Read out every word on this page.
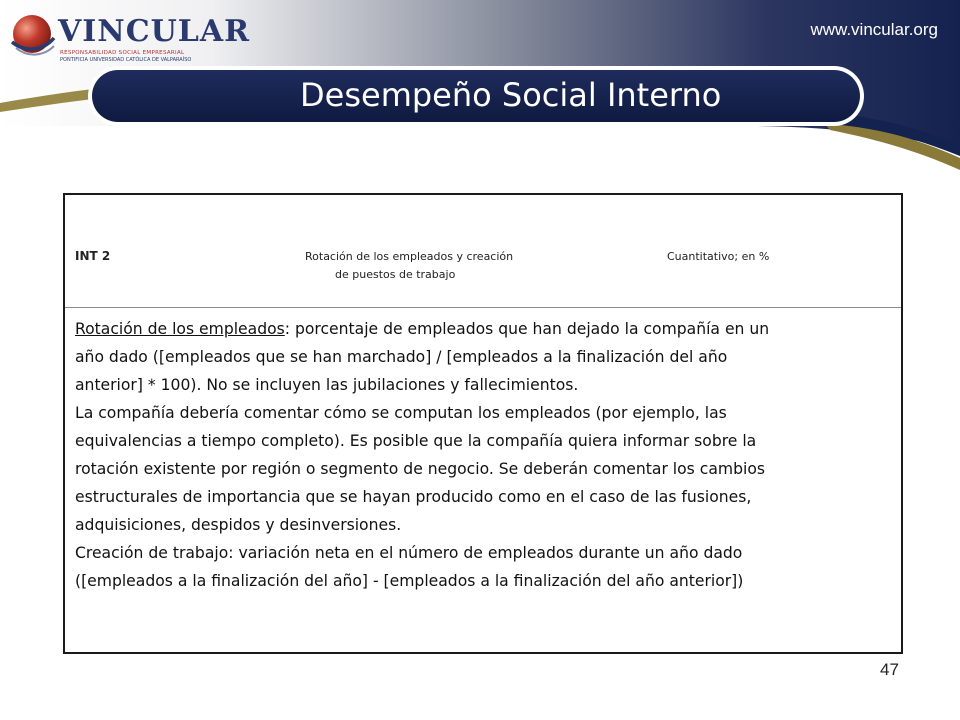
VINCULAR
RESPONSABILIDAD SOCIAL EMPRESARIAL
PONTIFICIA UNIVERSIDAD CATÓLICA DE VALPARAÍSO
www.vincular.org
Desempeño Social Interno
INT 2	Rotación de los empleados y creación
de puestos de trabajo
Cuantitativo; en %

Rotación de los empleados: porcentaje de empleados que han dejado la compañía en un

año dado ([empleados que se han marchado] / [empleados a la finalización del año

anterior] * 100). No se incluyen las jubilaciones y fallecimientos.

La compañía debería comentar cómo se computan los empleados (por ejemplo, las

equivalencias a tiempo completo). Es posible que la compañía quiera informar sobre la

rotación existente por región o segmento de negocio. Se deberán comentar los cambios

estructurales de importancia que se hayan producido como en el caso de las fusiones,

adquisiciones, despidos y desinversiones.

Creación de trabajo: variación neta en el número de empleados durante un año dado

([empleados a la finalización del año] - [empleados a la finalización del año anterior])

47
